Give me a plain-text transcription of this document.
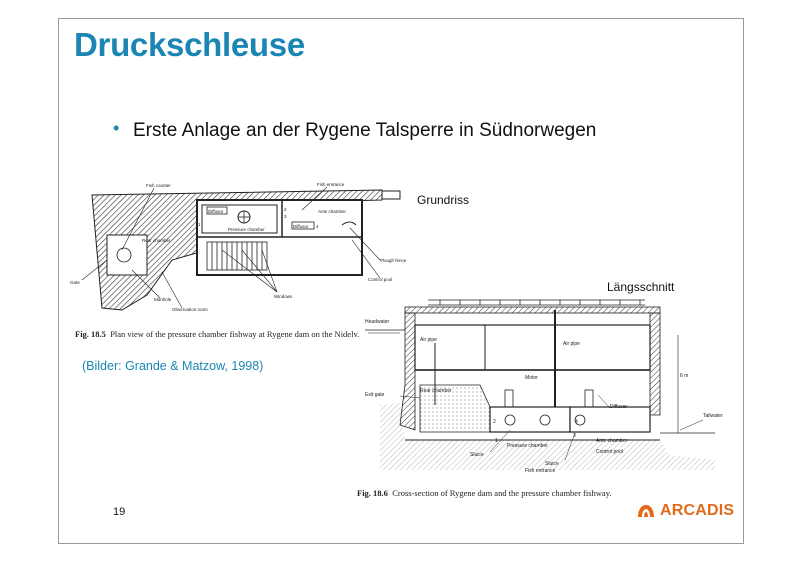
Druckschleuse
• Erste Anlage an der Rygene Talsperre in Südnorwegen
Grundriss
Längsschnitt
Fish counter	Fish entrance
Diffusor
Diffusor
Ante chamber
Pressure chamber
Rear chamber
Plough fence
Gate
Control pool
Manhole
Observation room
Windows
1
2
3
4
Fig. 18.5 Plan view of the pressure chamber fishway at Rygene dam on the Nidelv.
(Bilder: Grande & Matzow, 1998)
Headwater
Air pipe
Air pipe
Motor
Exit gate
Rear chamber
Diffuser
6 m
Tailwater
Ante chamber
Pressure chamber
Control pool
Sluice
Sluice
Fish entrance
1
2
3
4
Fig. 18.6 Cross-section of Rygene dam and the pressure chamber fishway.
19	ARCADIS
